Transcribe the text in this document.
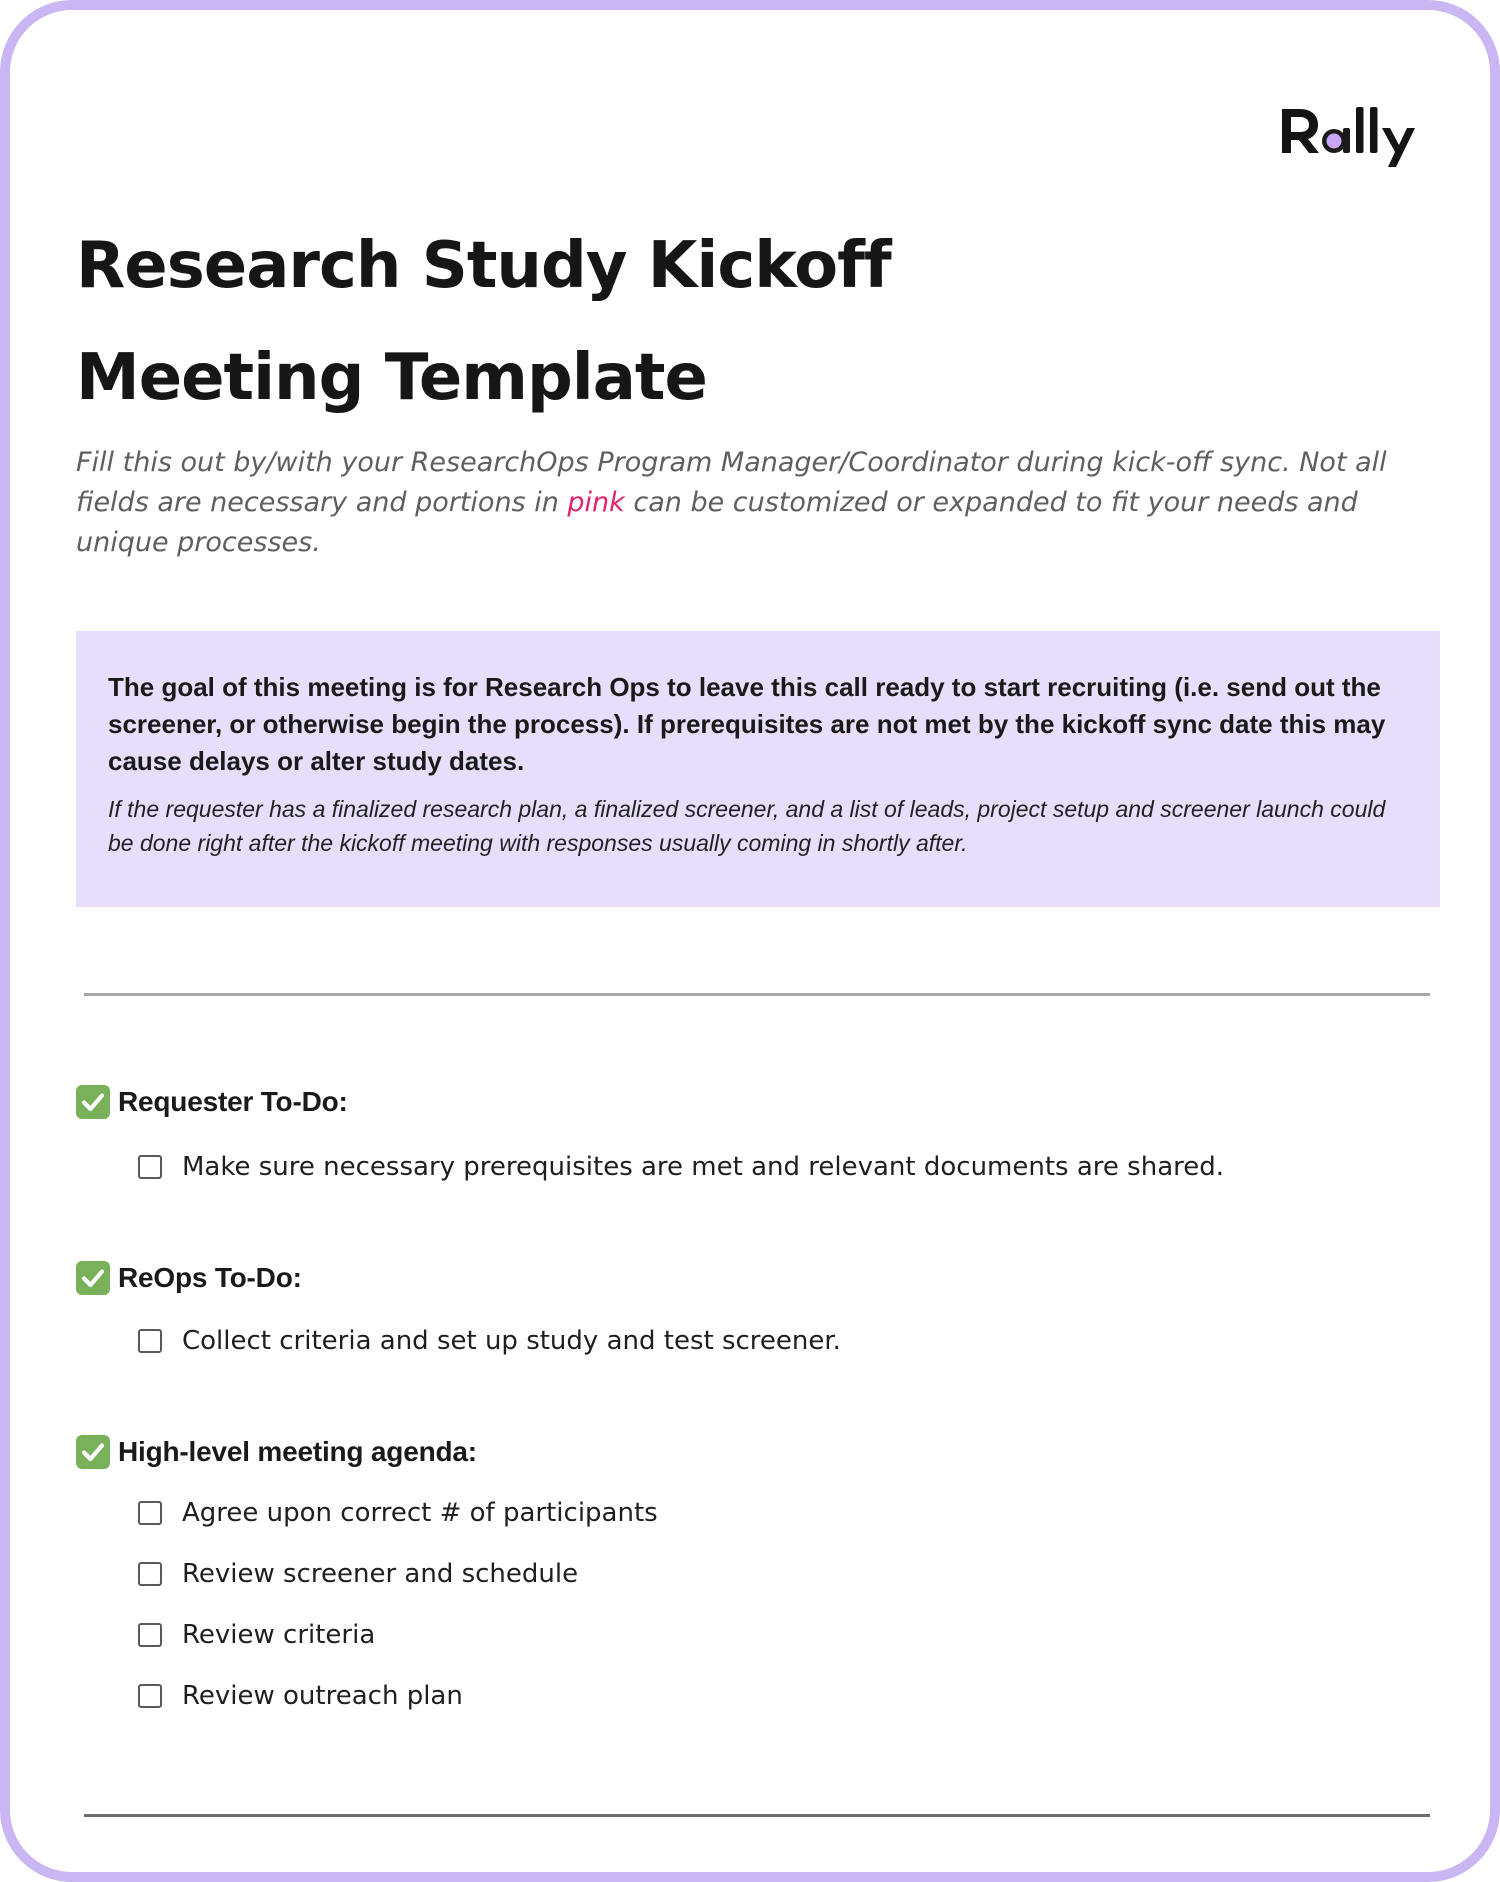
Research Study Kickoff
Meeting Template

Fill this out by/with your ResearchOps Program Manager/Coordinator during kick-off sync. Not all fields are necessary and portions in pink can be customized or expanded to fit your needs and unique processes.

The goal of this meeting is for Research Ops to leave this call ready to start recruiting (i.e. send out the screener, or otherwise begin the process). If prerequisites are not met by the kickoff sync date this may cause delays or alter study dates.

If the requester has a finalized research plan, a finalized screener, and a list of leads, project setup and screener launch could be done right after the kickoff meeting with responses usually coming in shortly after.

Requester To-Do:
Make sure necessary prerequisites are met and relevant documents are shared.
ReOps To-Do:
Collect criteria and set up study and test screener.
High-level meeting agenda:
Agree upon correct # of participants
Review screener and schedule
Review criteria
Review outreach plan
